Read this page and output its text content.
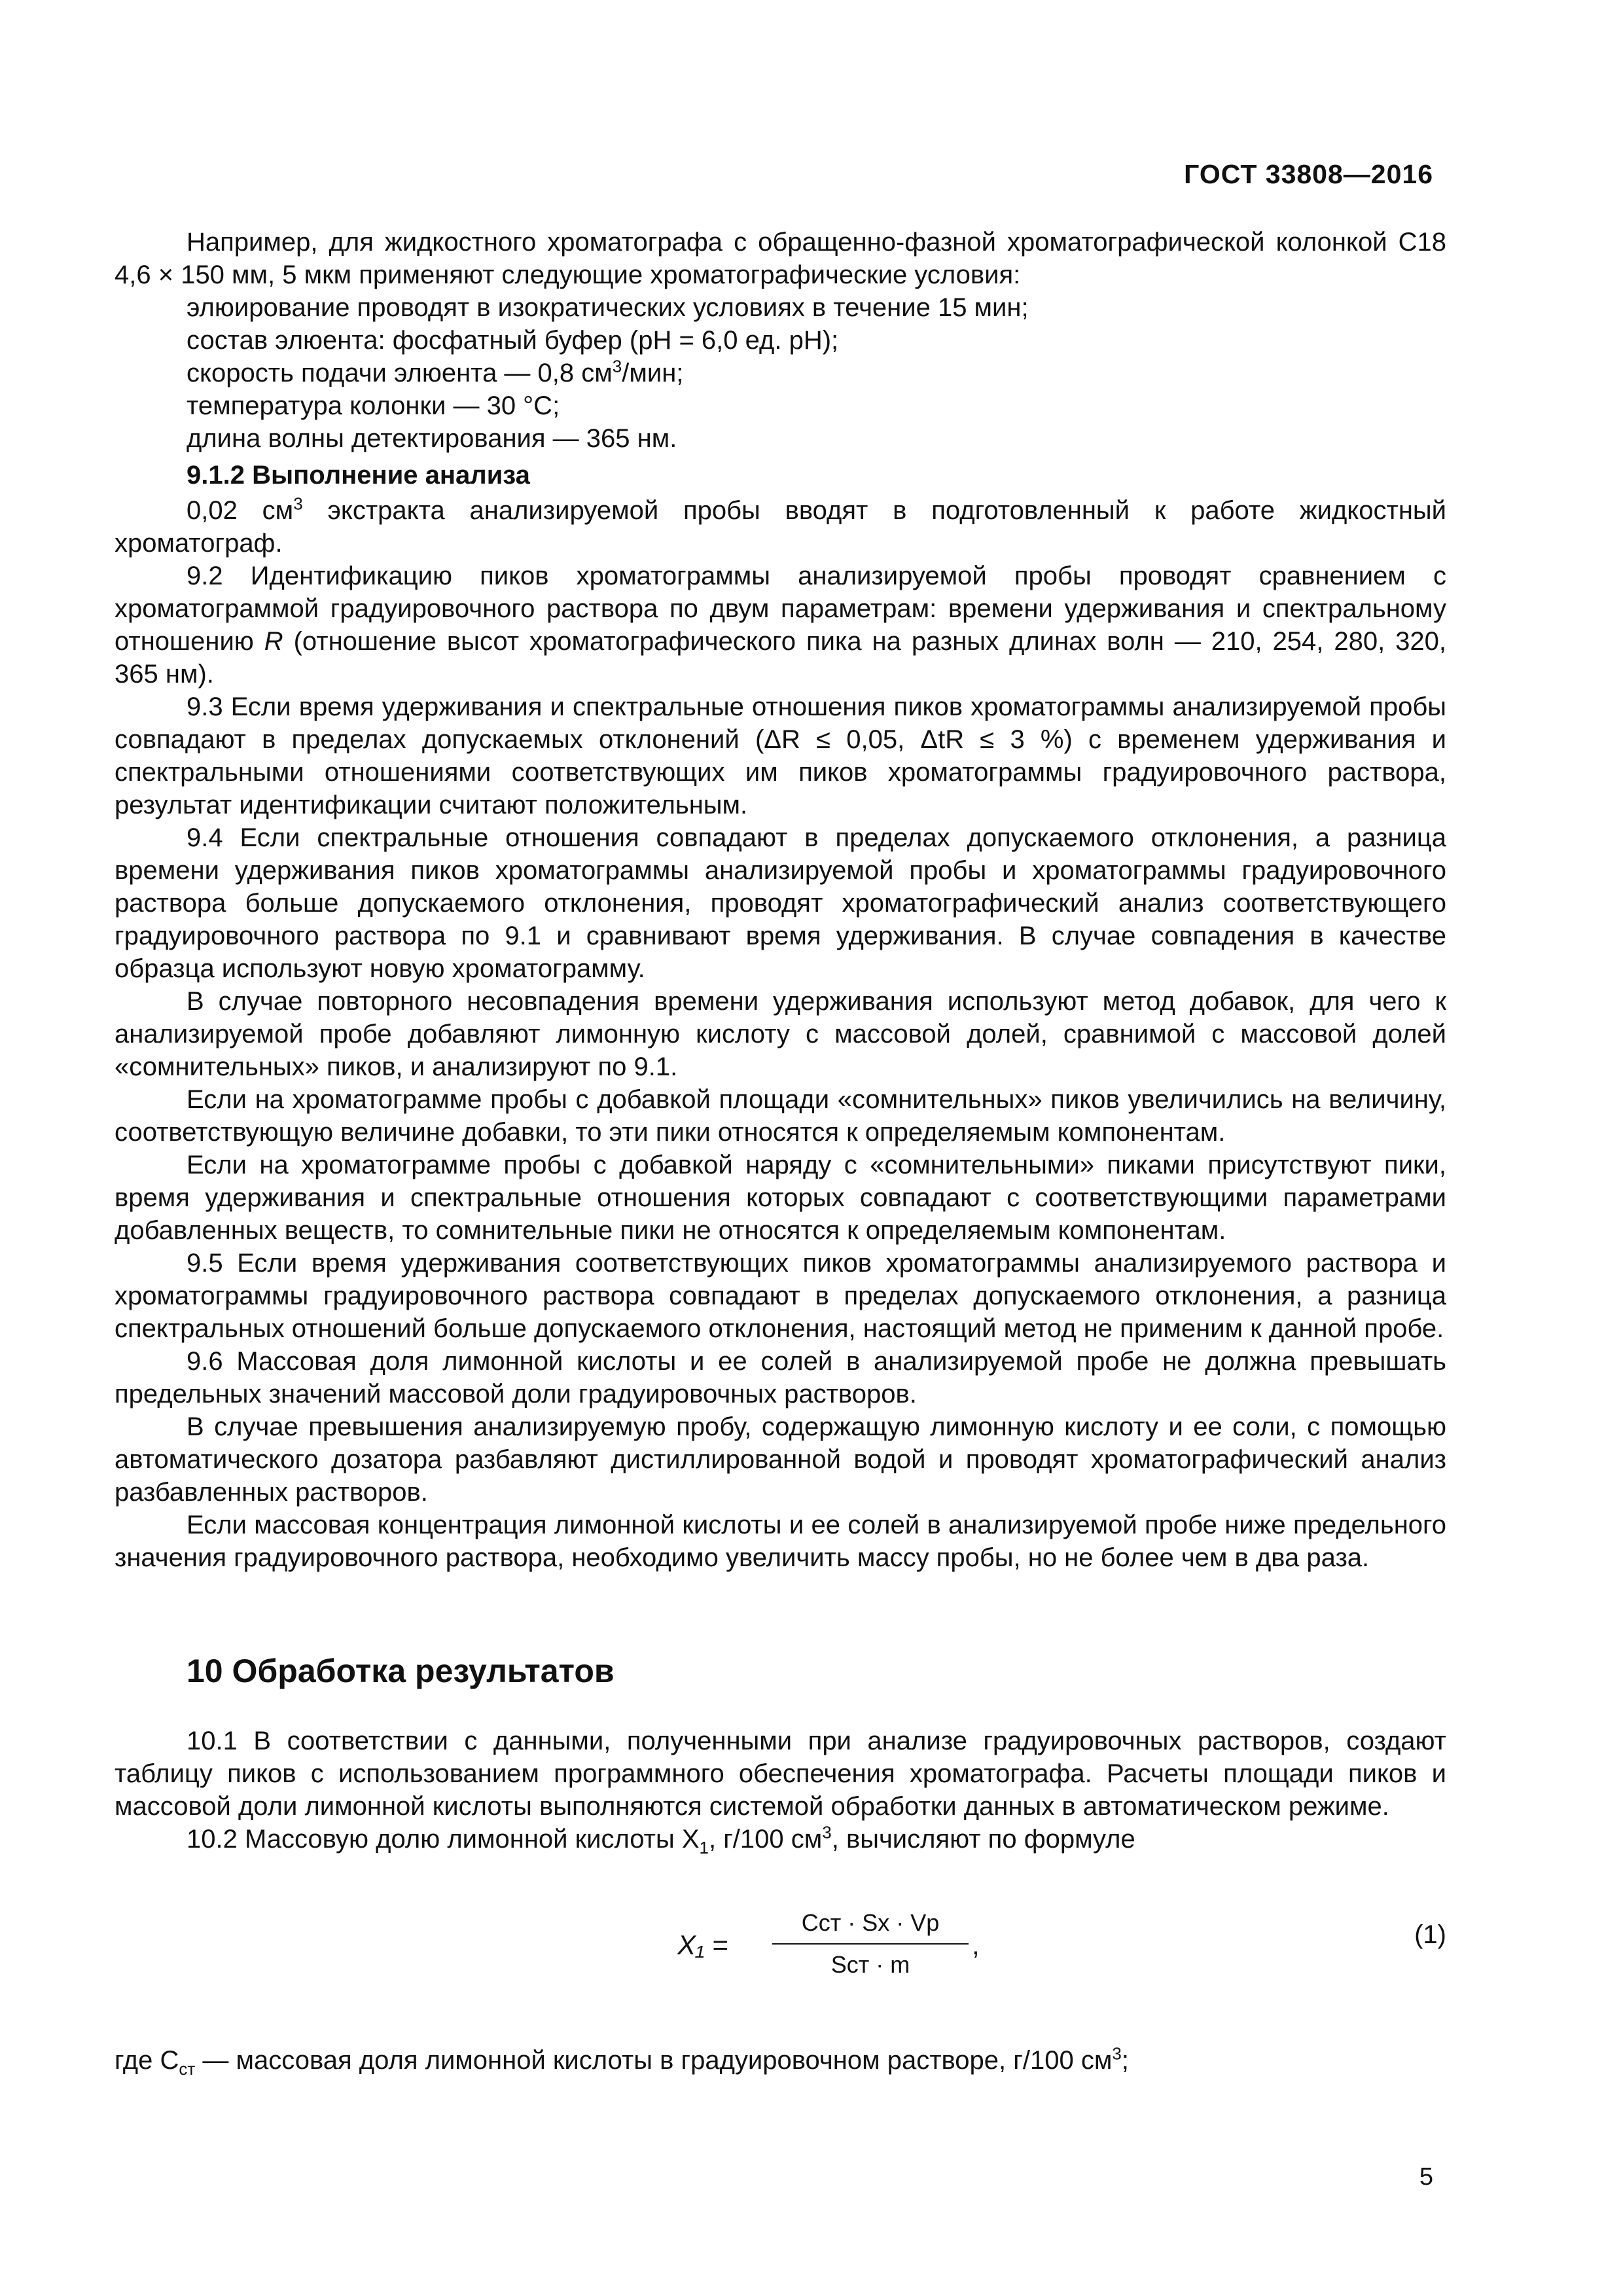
ГОСТ 33808—2016

Например, для жидкостного хроматографа с обращенно-фазной хроматографической колонкой С18 4,6 × 150 мм, 5 мкм применяют следующие хроматографические условия:

элюирование проводят в изократических условиях в течение 15 мин;

состав элюента: фосфатный буфер (рН = 6,0 ед. рН);

скорость подачи элюента — 0,8 $см^3$/мин;

температура колонки — 30 °С;

длина волны детектирования — 365 нм.

9.1.2 Выполнение анализа

0,02 $см^3$ экстракта анализируемой пробы вводят в подготовленный к работе жидкостный хроматограф.

9.2 Идентификацию пиков хроматограммы анализируемой пробы проводят сравнением с хроматограммой градуировочного раствора по двум параметрам: времени удерживания и спектральному отношению R (отношение высот хроматографического пика на разных длинах волн — 210, 254, 280, 320, 365 нм).

9.3 Если время удерживания и спектральные отношения пиков хроматограммы анализируемой пробы совпадают в пределах допускаемых отклонений (ΔR ≤ 0,05, ΔtR ≤ 3 %) с временем удерживания и спектральными отношениями соответствующих им пиков хроматограммы градуировочного раствора, результат идентификации считают положительным.

9.4 Если спектральные отношения совпадают в пределах допускаемого отклонения, а разница времени удерживания пиков хроматограммы анализируемой пробы и хроматограммы градуировочного раствора больше допускаемого отклонения, проводят хроматографический анализ соответствующего градуировочного раствора по 9.1 и сравнивают время удерживания. В случае совпадения в качестве образца используют новую хроматограмму.

В случае повторного несовпадения времени удерживания используют метод добавок, для чего к анализируемой пробе добавляют лимонную кислоту с массовой долей, сравнимой с массовой долей «сомнительных» пиков, и анализируют по 9.1.

Если на хроматограмме пробы с добавкой площади «сомнительных» пиков увеличились на величину, соответствующую величине добавки, то эти пики относятся к определяемым компонентам.

Если на хроматограмме пробы с добавкой наряду с «сомнительными» пиками присутствуют пики, время удерживания и спектральные отношения которых совпадают с соответствующими параметрами добавленных веществ, то сомнительные пики не относятся к определяемым компонентам.

9.5 Если время удерживания соответствующих пиков хроматограммы анализируемого раствора и хроматограммы градуировочного раствора совпадают в пределах допускаемого отклонения, а разница спектральных отношений больше допускаемого отклонения, настоящий метод не применим к данной пробе.

9.6 Массовая доля лимонной кислоты и ее солей в анализируемой пробе не должна превышать предельных значений массовой доли градуировочных растворов.

В случае превышения анализируемую пробу, содержащую лимонную кислоту и ее соли, с помощью автоматического дозатора разбавляют дистиллированной водой и проводят хроматографический анализ разбавленных растворов.

Если массовая концентрация лимонной кислоты и ее солей в анализируемой пробе ниже предельного значения градуировочного раствора, необходимо увеличить массу пробы, но не более чем в два раза.

10 Обработка результатов

10.1 В соответствии с данными, полученными при анализе градуировочных растворов, создают таблицу пиков с использованием программного обеспечения хроматографа. Расчеты площади пиков и массовой доли лимонной кислоты выполняются системой обработки данных в автоматическом режиме.

10.2 Массовую долю лимонной кислоты $X_1$, г/100 $см^3$, вычисляют по формуле

X₁ =
Cст · Sx · Vр
Sст · m
,	(1)

где $C_{ст}$ — массовая доля лимонной кислоты в градуировочном растворе, г/100 $см^3$;

5
